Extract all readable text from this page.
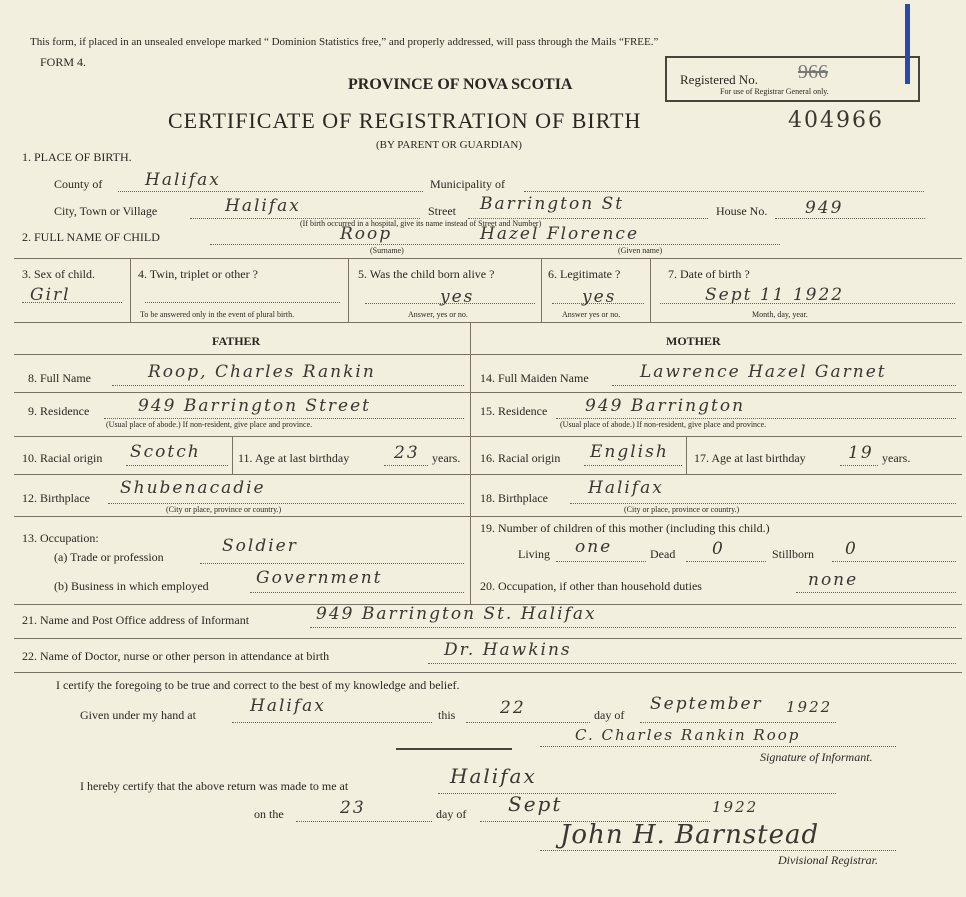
This form, if placed in an unsealed envelope marked “ Dominion Statistics free,” and properly addressed, will pass through the Mails “FREE.”
FORM 4.
PROVINCE OF NOVA SCOTIA	Registered No. 966
For use of Registrar General only.
CERTIFICATE OF REGISTRATION OF BIRTH	404966
(BY PARENT OR GUARDIAN)
1. PLACE OF BIRTH.
County of	Halifax	Municipality of
City, Town or Village	Halifax	Street Barrington St
(If birth occurred in a hospital, give its name instead of Street and Number)
House No. 949
2. FULL NAME OF CHILD	Roop	Hazel Florence
(Surname)	(Given name)
3. Sex of child.
Girl
4. Twin, triplet or other ?
To be answered only in the event of plural birth.
5. Was the child born alive ?
yes
Answer, yes or no.
6. Legitimate ?
yes
Answer yes or no.
7. Date of birth ?
Sept 11 1922
Month, day, year.
FATHER	MOTHER
8. Full Name	Roop, Charles Rankin
9. Residence	949 Barrington Street
(Usual place of abode.) If non-resident, give place and province.
10. Racial origin Scotch	11. Age at last birthday	23 years.
12. Birthplace Shubenacadie
(City or place, province or country.)
13. Occupation:
(a) Trade or profession
Soldier
(b) Business in which employed	Government
14. Full Maiden Name	Lawrence Hazel Garnet
15. Residence 949 Barrington
(Usual place of abode.) If non-resident, give place and province.
16. Racial origin English 17. Age at last birthday 19 years.
18. Birthplace Halifax
(City or place, province or country.)
19. Number of children of this mother (including this child.)
Living one	Dead 0	Stillborn 0
20. Occupation, if other than household duties	none
21. Name and Post Office address of Informant	949 Barrington St. Halifax
22. Name of Doctor, nurse or other person in attendance at birth	Dr. Hawkins
I certify the foregoing to be true and correct to the best of my knowledge and belief.
Given under my hand at	Halifax	this	22	day of
September 1922
C. Charles Rankin Roop
Signature of Informant.
I hereby certify that the above return was made to me at	Halifax
on the	23	day of Sept	1922
John H. Barnstead
Divisional Registrar.
